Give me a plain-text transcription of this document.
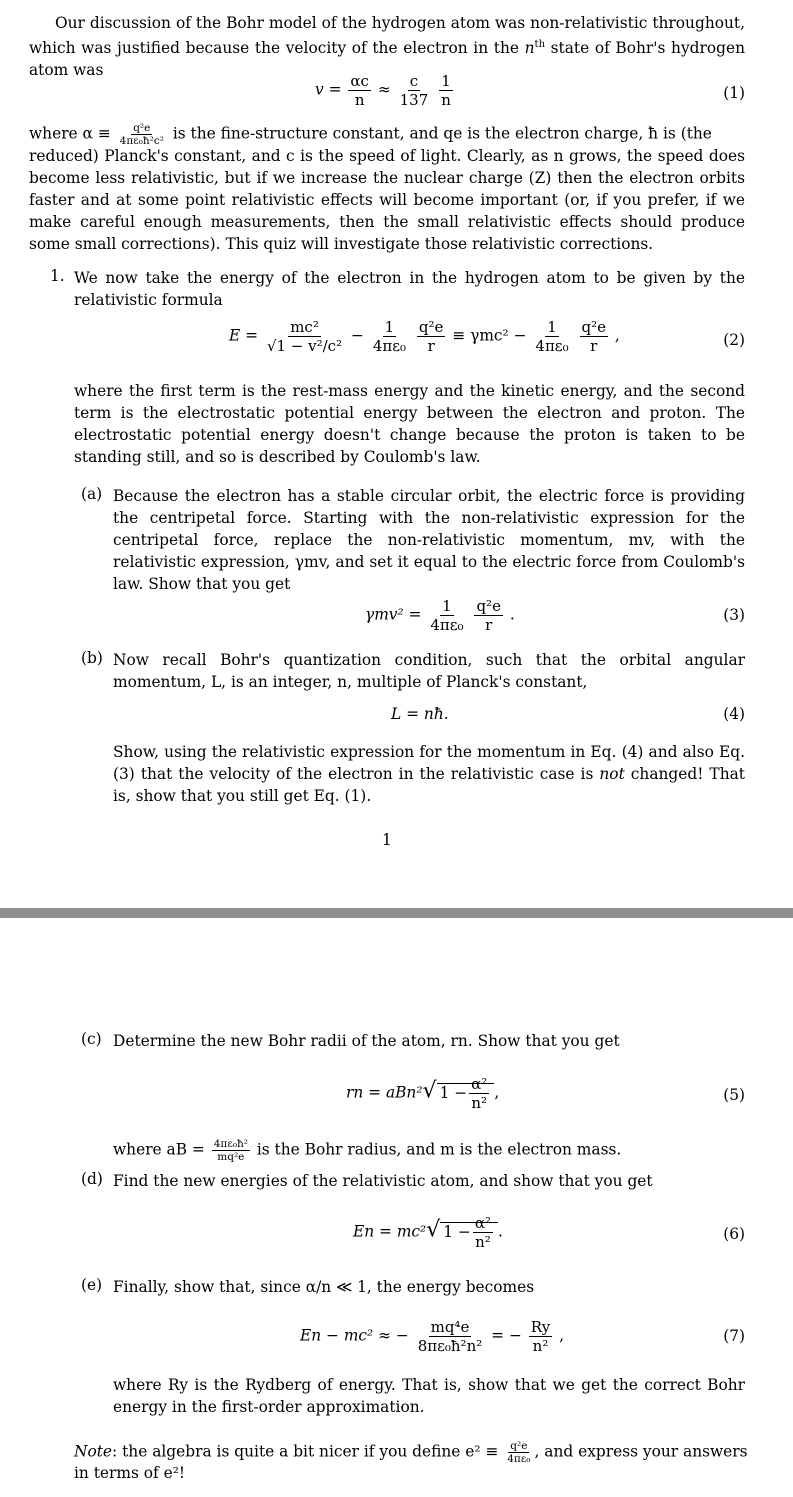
Our discussion of the Bohr model of the hydrogen atom was non-relativistic throughout, which was justified because the velocity of the electron in the $n^{th}$ state of Bohr's hydrogen atom was
$v = \frac{\alpha c}{n} \approx \frac{c}{137}$
$\frac{1}{n}$	(1)
where $\alpha \equiv \frac{\text{q²e}}{\text{4πε₀ħ²c²}}$ is the fine-structure constant, and qe is the electron charge, ħ is (the
reduced) Planck's constant, and c is the speed of light. Clearly, as n grows, the speed does become less relativistic, but if we increase the nuclear charge (Z) then the electron orbits faster and at some point relativistic effects will become important (or, if you prefer, if we make careful enough measurements, then the small relativistic effects should produce some small corrections). This quiz will investigate those relativistic corrections.
1. We now take the energy of the electron in the hydrogen atom to be given by the relativistic formula
$E = \frac{\text{mc²}}{\text{√1 − v²/c²}} - \frac{1}{\text{4πε₀}}$
$\frac{\text{q²e}}{r} \equiv \gamma mc^2 - \frac{1}{\text{4πε₀}}$
$\frac{\text{q²e}}{r}$ ,	(2)
where the first term is the rest-mass energy and the kinetic energy, and the second term is the electrostatic potential energy between the electron and proton. The electrostatic potential energy doesn't change because the proton is taken to be standing still, and so is described by Coulomb's law.
(a) Because the electron has a stable circular orbit, the electric force is providing the centripetal force. Starting with the non-relativistic expression for the centripetal force, replace the non-relativistic momentum, mv, with the relativistic expression, γmv, and set it equal to the electric force from Coulomb's law. Show that you get
$\gamma mv^2 = \frac{1}{\text{4πε₀}}$
$\frac{\text{q²e}}{r}$ .	(3)
(b) Now recall Bohr's quantization condition, such that the orbital angular momentum, L, is an integer, n, multiple of Planck's constant,
L = nħ.	(4)
Show, using the relativistic expression for the momentum in Eq. (4) and also Eq. (3) that the velocity of the electron in the relativistic case is not changed! That is, show that you still get Eq. (1).
1
(c) Determine the new Bohr radii of the atom, rn. Show that you get
rn = aBn²√ $1 - \frac{\text{α²}}{\text{n²}}$ ,	(5)
where aB = $\frac{\text{4πε₀ħ²}}{\text{mq²e}}$ is the Bohr radius, and m is the electron mass.
(d) Find the new energies of the relativistic atom, and show that you get
En = mc²√ $1 - \frac{\text{α²}}{\text{n²}}$ .	(6)
(e) Finally, show that, since α/n ≪ 1, the energy becomes
En − mc² ≈ − $\frac{\text{mq⁴e}}{\text{8πε₀ħ²n²}}$ = − $\frac{Ry}{\text{n²}}$ ,	(7)
where Ry is the Rydberg of energy. That is, show that we get the correct Bohr energy in the first-order approximation.
Note: the algebra is quite a bit nicer if you define $e^2 \equiv \frac{\text{q²e}}{\text{4πε₀}}$ , and express your answers
in terms of e²!
